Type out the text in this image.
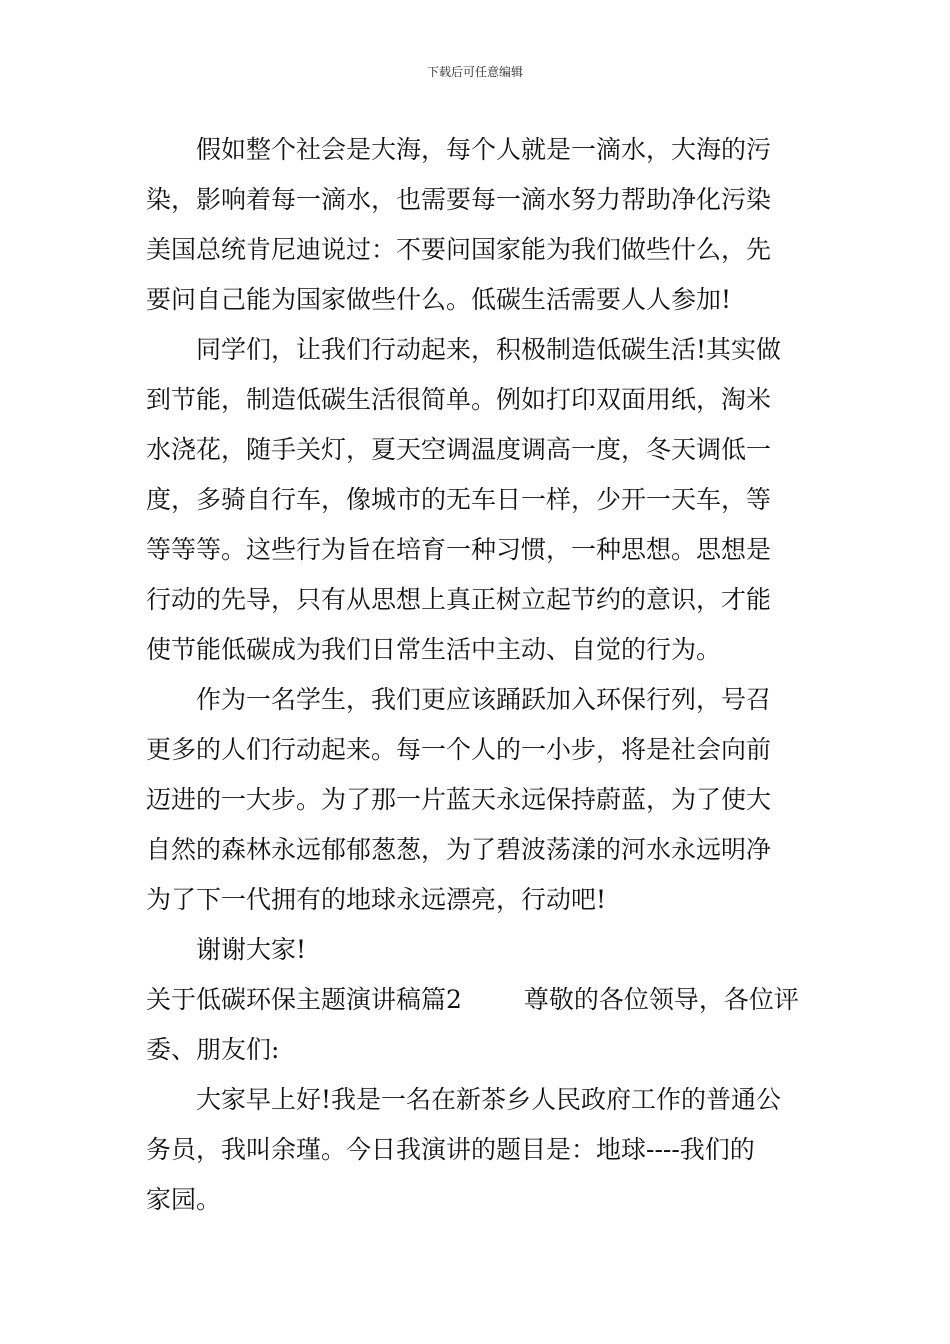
下载后可任意编辑
假如整个社会是大海，每个人就是一滴水，大海的污
染，影响着每一滴水，也需要每一滴水努力帮助净化污染
美国总统肯尼迪说过：不要问国家能为我们做些什么，先
要问自己能为国家做些什么。低碳生活需要人人参加!
同学们，让我们行动起来，积极制造低碳生活!其实做
到节能，制造低碳生活很简单。例如打印双面用纸，淘米
水浇花，随手关灯，夏天空调温度调高一度，冬天调低一
度，多骑自行车，像城市的无车日一样，少开一天车，等
等等等。这些行为旨在培育一种习惯，一种思想。思想是
行动的先导，只有从思想上真正树立起节约的意识，才能
使节能低碳成为我们日常生活中主动、自觉的行为。
作为一名学生，我们更应该踊跃加入环保行列，号召
更多的人们行动起来。每一个人的一小步，将是社会向前
迈进的一大步。为了那一片蓝天永远保持蔚蓝，为了使大
自然的森林永远郁郁葱葱，为了碧波荡漾的河水永远明净
为了下一代拥有的地球永远漂亮，行动吧!
谢谢大家!
关于低碳环保主题演讲稿篇2 尊敬的各位领导，各位评
委、朋友们:
大家早上好!我是一名在新茶乡人民政府工作的普通公
务员，我叫余瑾。今日我演讲的题目是：地球----我们的
家园。
